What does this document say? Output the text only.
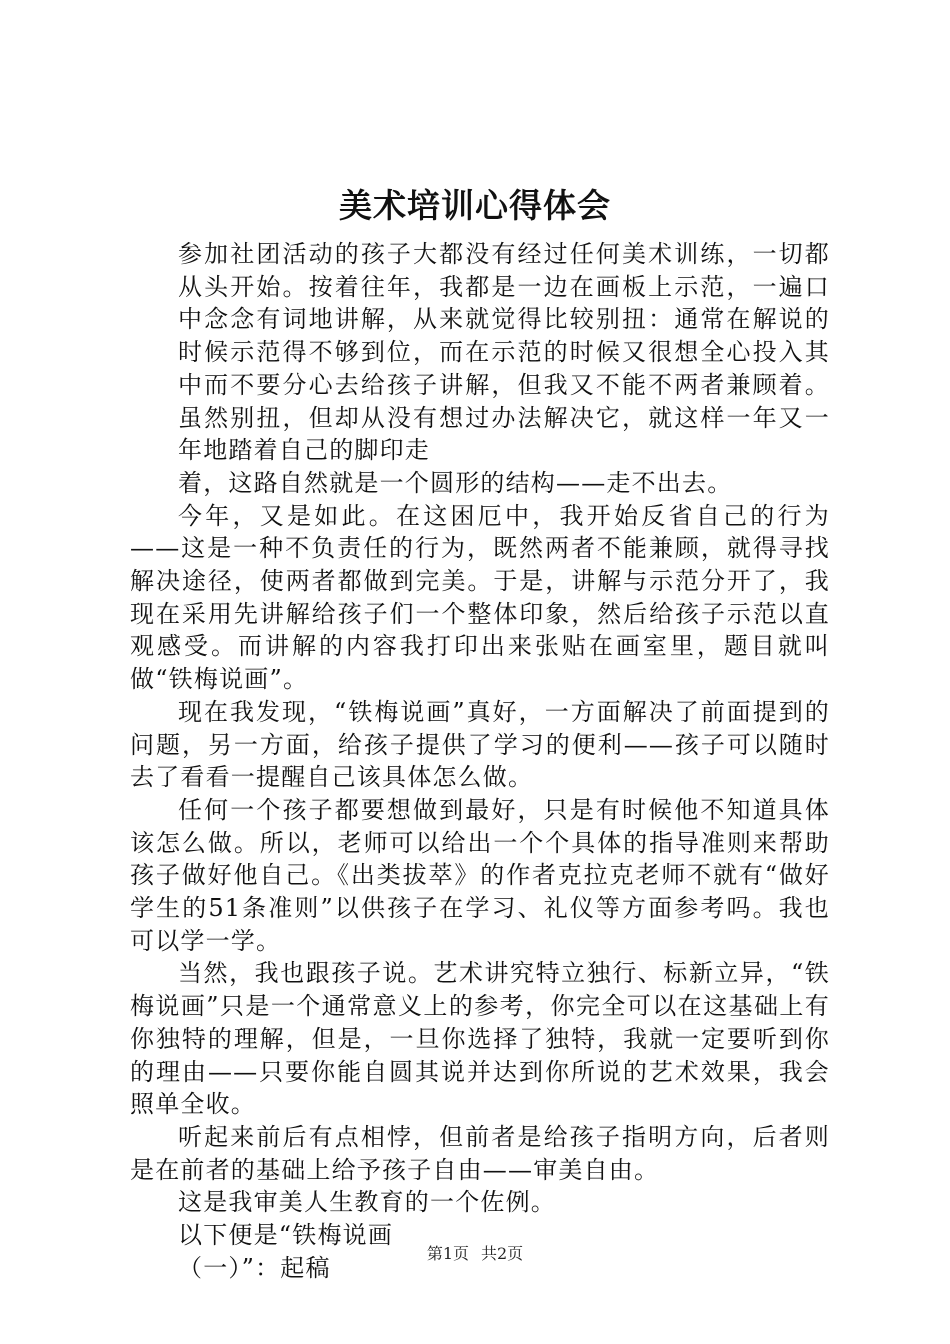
美术培训心得体会

参加社团活动的孩子大都没有经过任何美术训练，一切都从头开始。按着往年，我都是一边在画板上示范，一遍口中念念有词地讲解，从来就觉得比较别扭：通常在解说的时候示范得不够到位，而在示范的时候又很想全心投入其中而不要分心去给孩子讲解，但我又不能不两者兼顾着。虽然别扭，但却从没有想过办法解决它，就这样一年又一年地踏着自己的脚印走

着，这路自然就是一个圆形的结构——走不出去。

今年，又是如此。在这困厄中，我开始反省自己的行为——这是一种不负责任的行为，既然两者不能兼顾，就得寻找解决途径，使两者都做到完美。于是，讲解与示范分开了，我现在采用先讲解给孩子们一个整体印象，然后给孩子示范以直观感受。而讲解的内容我打印出来张贴在画室里，题目就叫做“铁梅说画”。

现在我发现，“铁梅说画”真好，一方面解决了前面提到的问题，另一方面，给孩子提供了学习的便利——孩子可以随时去了看看一提醒自己该具体怎么做。

任何一个孩子都要想做到最好，只是有时候他不知道具体该怎么做。所以，老师可以给出一个个具体的指导准则来帮助孩子做好他自己。《出类拔萃》的作者克拉克老师不就有“做好学生的51条准则”以供孩子在学习、礼仪等方面参考吗。我也可以学一学。

当然，我也跟孩子说。艺术讲究特立独行、标新立异，“铁梅说画”只是一个通常意义上的参考，你完全可以在这基础上有你独特的理解，但是，一旦你选择了独特，我就一定要听到你的理由——只要你能自圆其说并达到你所说的艺术效果，我会照单全收。

听起来前后有点相悖，但前者是给孩子指明方向，后者则是在前者的基础上给予孩子自由——审美自由。

这是我审美人生教育的一个佐例。

以下便是“铁梅说画

（一）”：起稿

第1页 共2页
